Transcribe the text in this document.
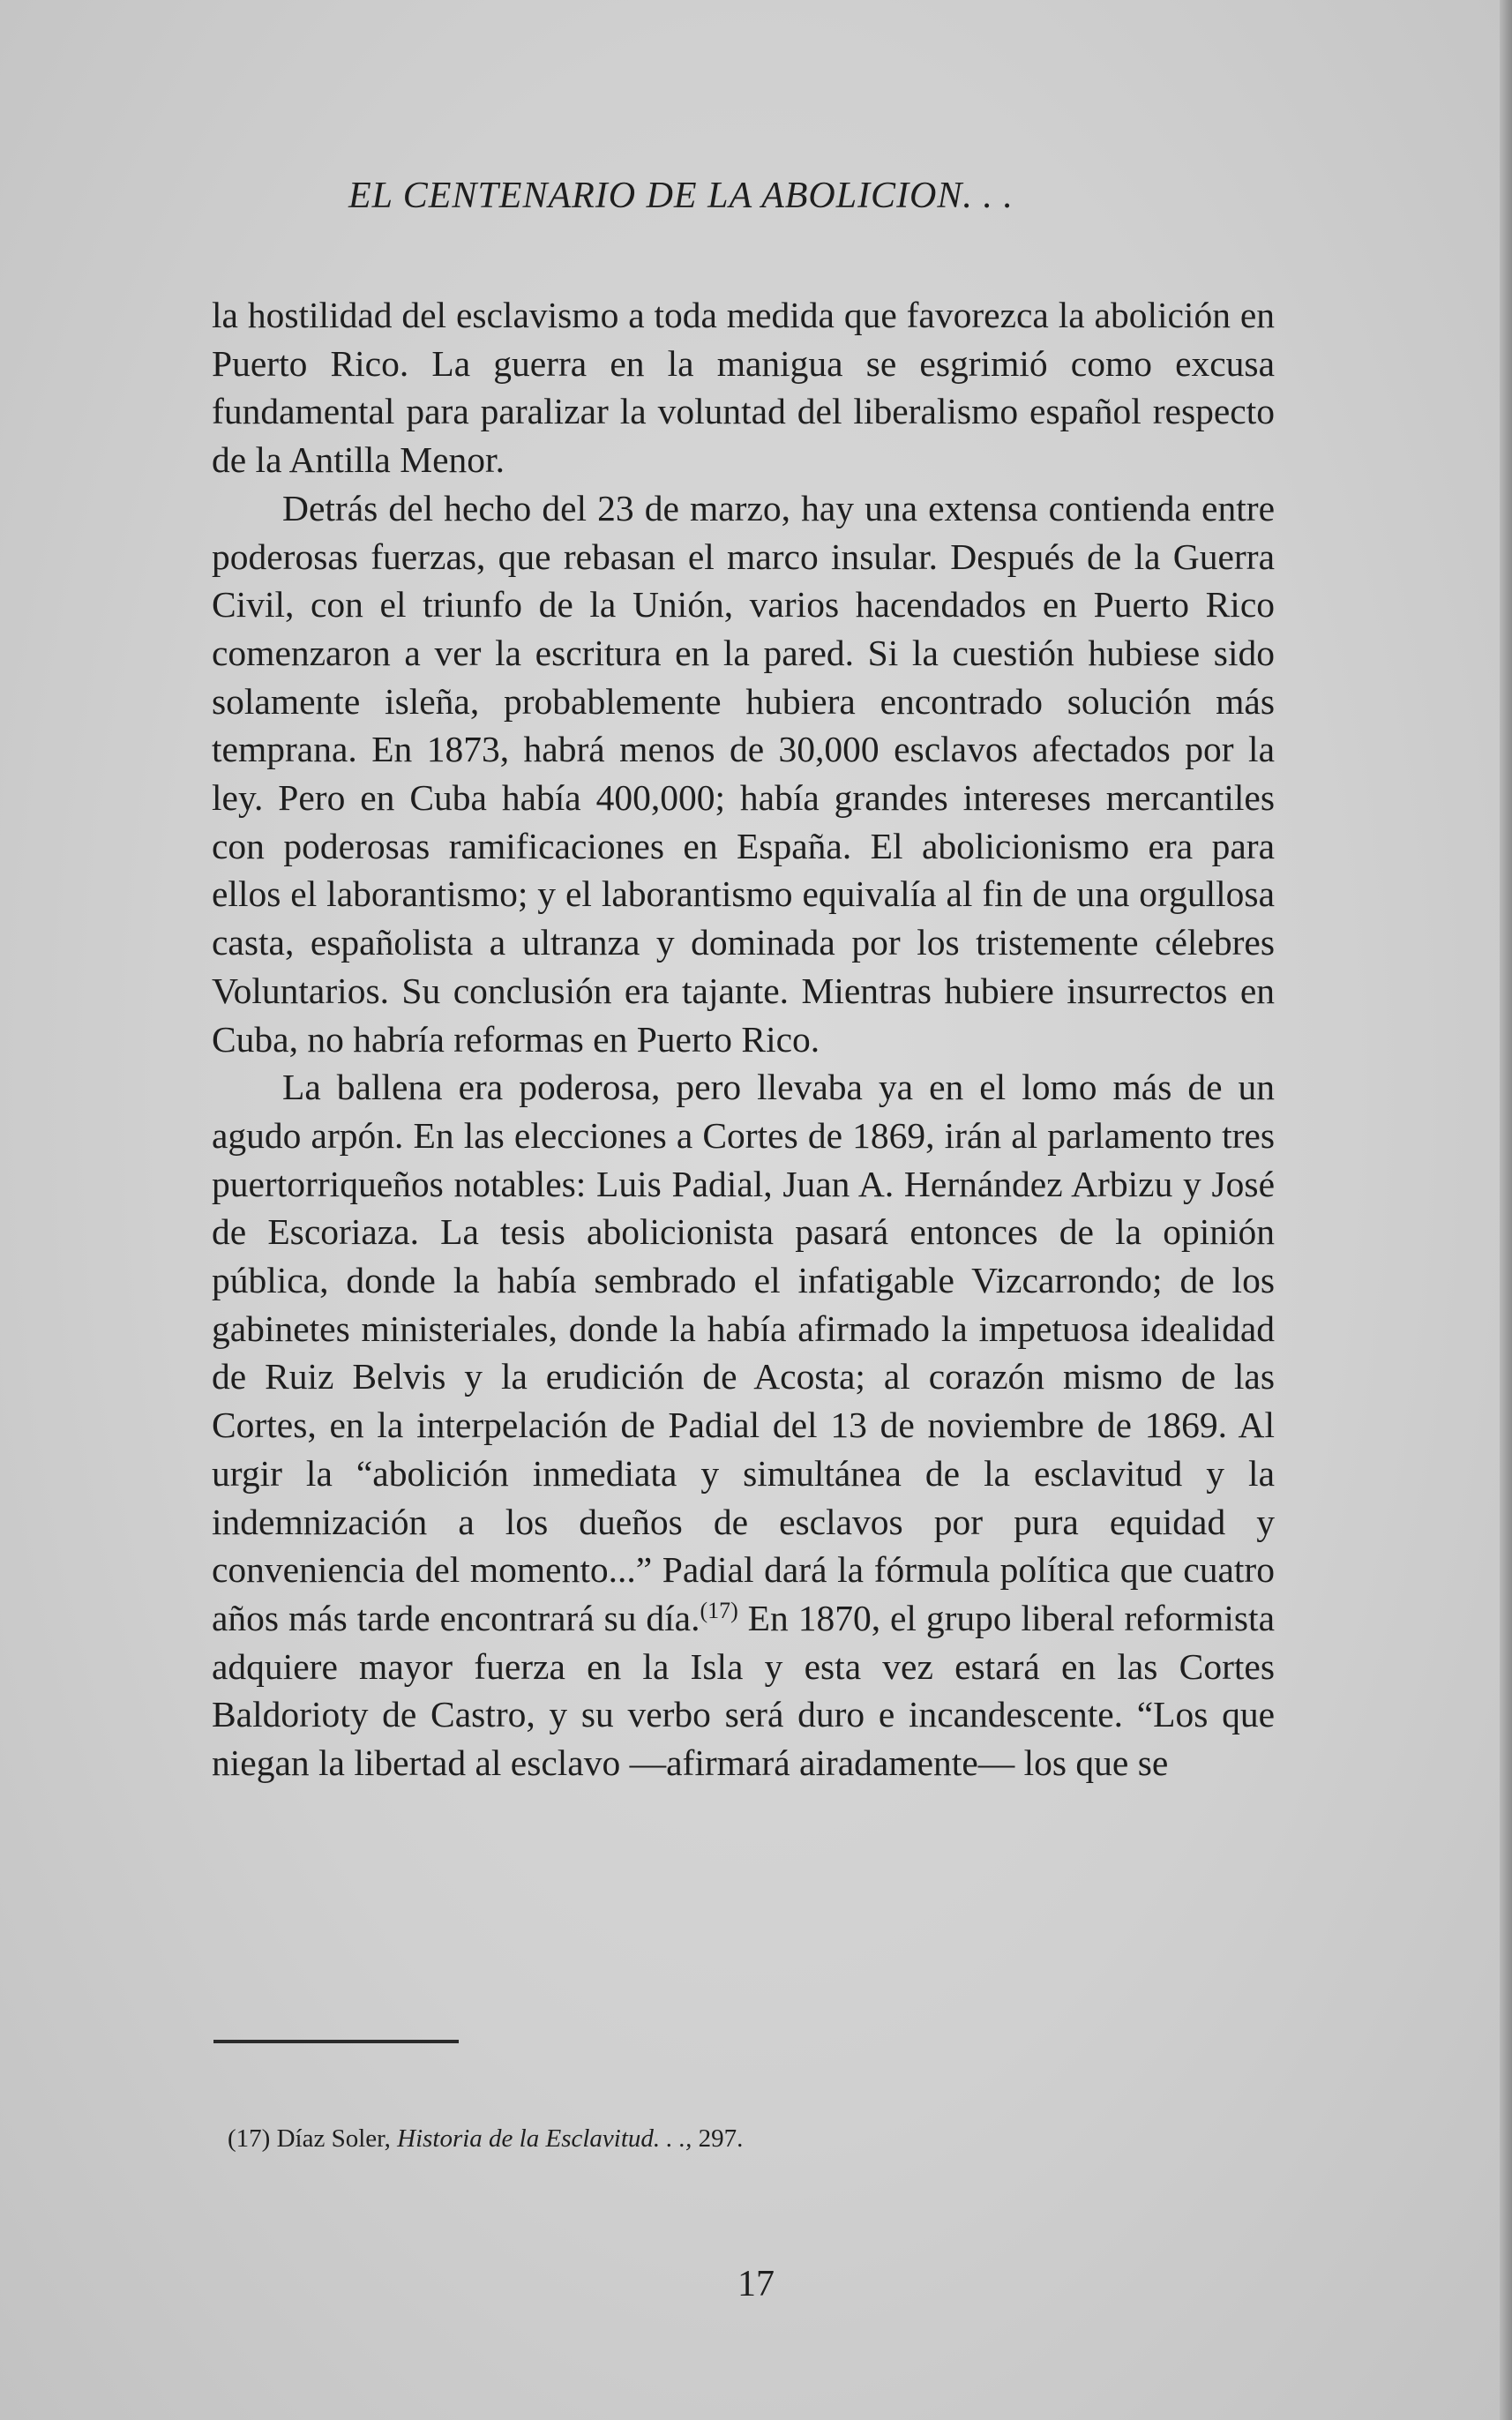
EL CENTENARIO DE LA ABOLICION. . .

la hostilidad del esclavismo a toda medida que favorezca la abolición en Puerto Rico. La guerra en la manigua se esgrimió como excusa fundamental para paralizar la voluntad del liberalismo español respecto de la Antilla Menor.

Detrás del hecho del 23 de marzo, hay una extensa contienda entre poderosas fuerzas, que rebasan el marco insular. Después de la Guerra Civil, con el triunfo de la Unión, varios hacendados en Puerto Rico comenzaron a ver la escritura en la pared. Si la cuestión hubiese sido solamente isleña, probablemente hubiera encontrado solución más temprana. En 1873, habrá menos de 30,000 esclavos afectados por la ley. Pero en Cuba había 400,000; había grandes intereses mercantiles con poderosas ramificaciones en España. El abolicionismo era para ellos el laborantismo; y el laborantismo equivalía al fin de una orgullosa casta, españolista a ultranza y dominada por los tristemente célebres Voluntarios. Su conclusión era tajante. Mientras hubiere insurrectos en Cuba, no habría reformas en Puerto Rico.

La ballena era poderosa, pero llevaba ya en el lomo más de un agudo arpón. En las elecciones a Cortes de 1869, irán al parlamento tres puertorriqueños notables: Luis Padial, Juan A. Hernández Arbizu y José de Escoriaza. La tesis abolicionista pasará entonces de la opinión pública, donde la había sembrado el infatigable Vizcarrondo; de los gabinetes ministeriales, donde la había afirmado la impetuosa idealidad de Ruiz Belvis y la erudición de Acosta; al corazón mismo de las Cortes, en la interpelación de Padial del 13 de noviembre de 1869. Al urgir la “abolición inmediata y simultánea de la esclavitud y la indemnización a los dueños de esclavos por pura equidad y conveniencia del momento...” Padial dará la fórmula política que cuatro años más tarde encontrará su día.$^{(17)}$ En 1870, el grupo liberal reformista adquiere mayor fuerza en la Isla y esta vez estará en las Cortes Baldorioty de Castro, y su verbo será duro e incandescente. “Los que niegan la libertad al esclavo —afirmará airadamente— los que se

(17) Díaz Soler, Historia de la Esclavitud. . ., 297.
17
